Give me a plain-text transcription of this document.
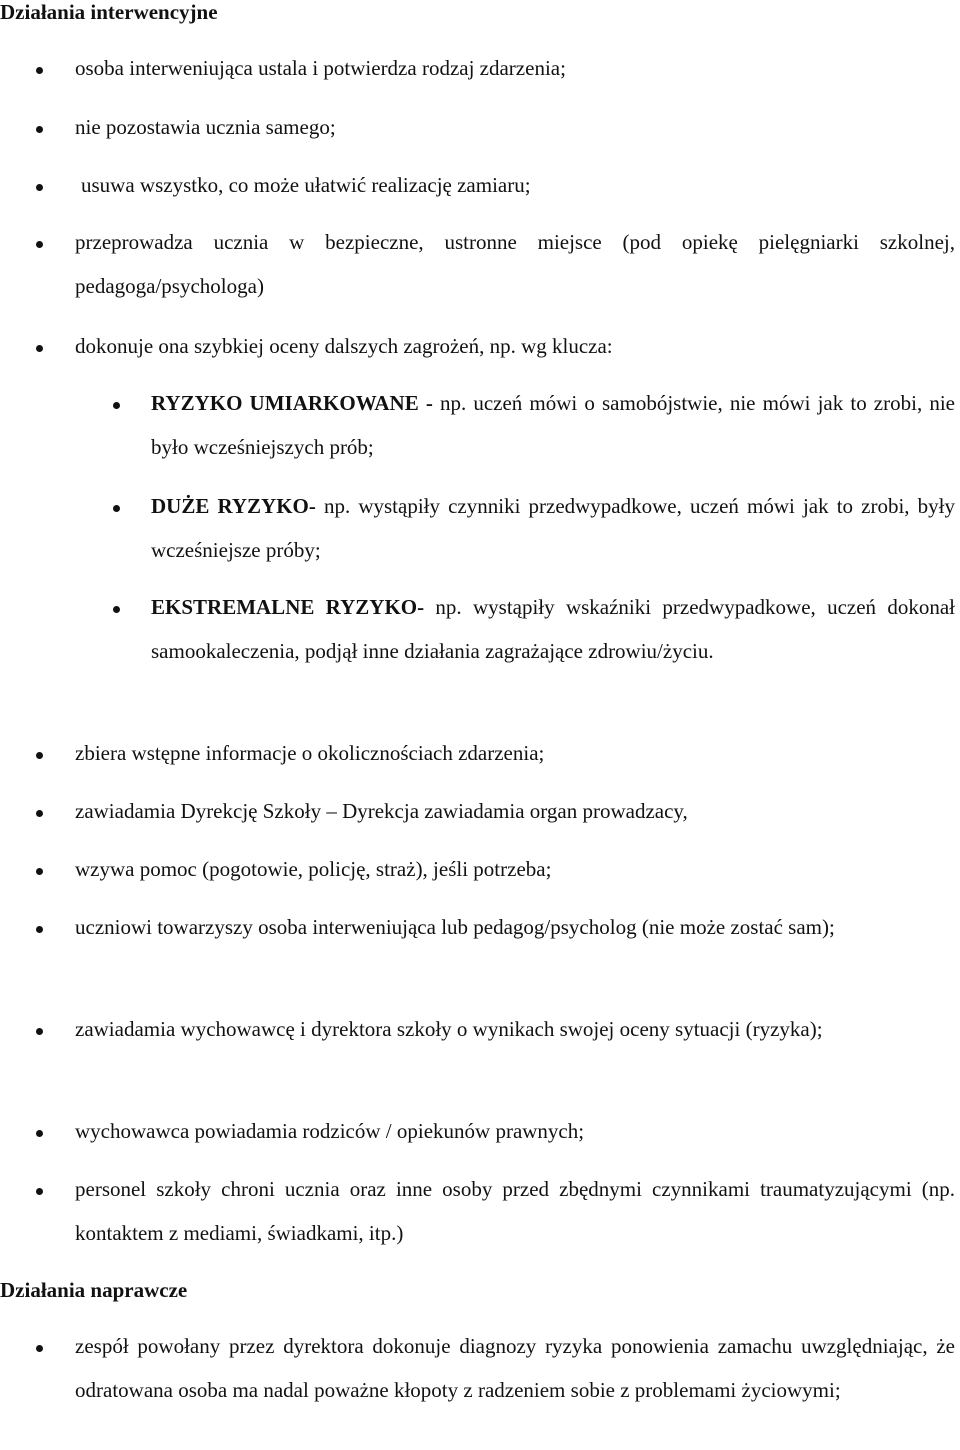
Działania interwencyjne

osoba interweniująca ustala i potwierdza rodzaj zdarzenia;

nie pozostawia ucznia samego;

usuwa wszystko, co może ułatwić realizację zamiaru;

przeprowadza ucznia w bezpieczne, ustronne miejsce (pod opiekę pielęgniarki szkolnej, pedagoga/psychologa)

dokonuje ona szybkiej oceny dalszych zagrożeń, np. wg klucza:

RYZYKO UMIARKOWANE - np. uczeń mówi o samobójstwie, nie mówi jak to zrobi, nie było wcześniejszych prób;

DUŻE RYZYKO- np. wystąpiły czynniki przedwypadkowe, uczeń mówi jak to zrobi, były wcześniejsze próby;

EKSTREMALNE RYZYKO- np. wystąpiły wskaźniki przedwypadkowe, uczeń dokonał samookaleczenia, podjął inne działania zagrażające zdrowiu/życiu.

zbiera wstępne informacje o okolicznościach zdarzenia;

zawiadamia Dyrekcję Szkoły – Dyrekcja zawiadamia organ prowadzacy,

wzywa pomoc (pogotowie, policję, straż), jeśli potrzeba;

uczniowi towarzyszy osoba interweniująca lub pedagog/psycholog (nie może zostać sam);

zawiadamia wychowawcę i dyrektora szkoły o wynikach swojej oceny sytuacji (ryzyka);

wychowawca powiadamia rodziców / opiekunów prawnych;

personel szkoły chroni ucznia oraz inne osoby przed zbędnymi czynnikami traumatyzującymi (np. kontaktem z mediami, świadkami, itp.)

Działania naprawcze

zespół powołany przez dyrektora dokonuje diagnozy ryzyka ponowienia zamachu uwzględniając, że odratowana osoba ma nadal poważne kłopoty z radzeniem sobie z problemami życiowymi;
